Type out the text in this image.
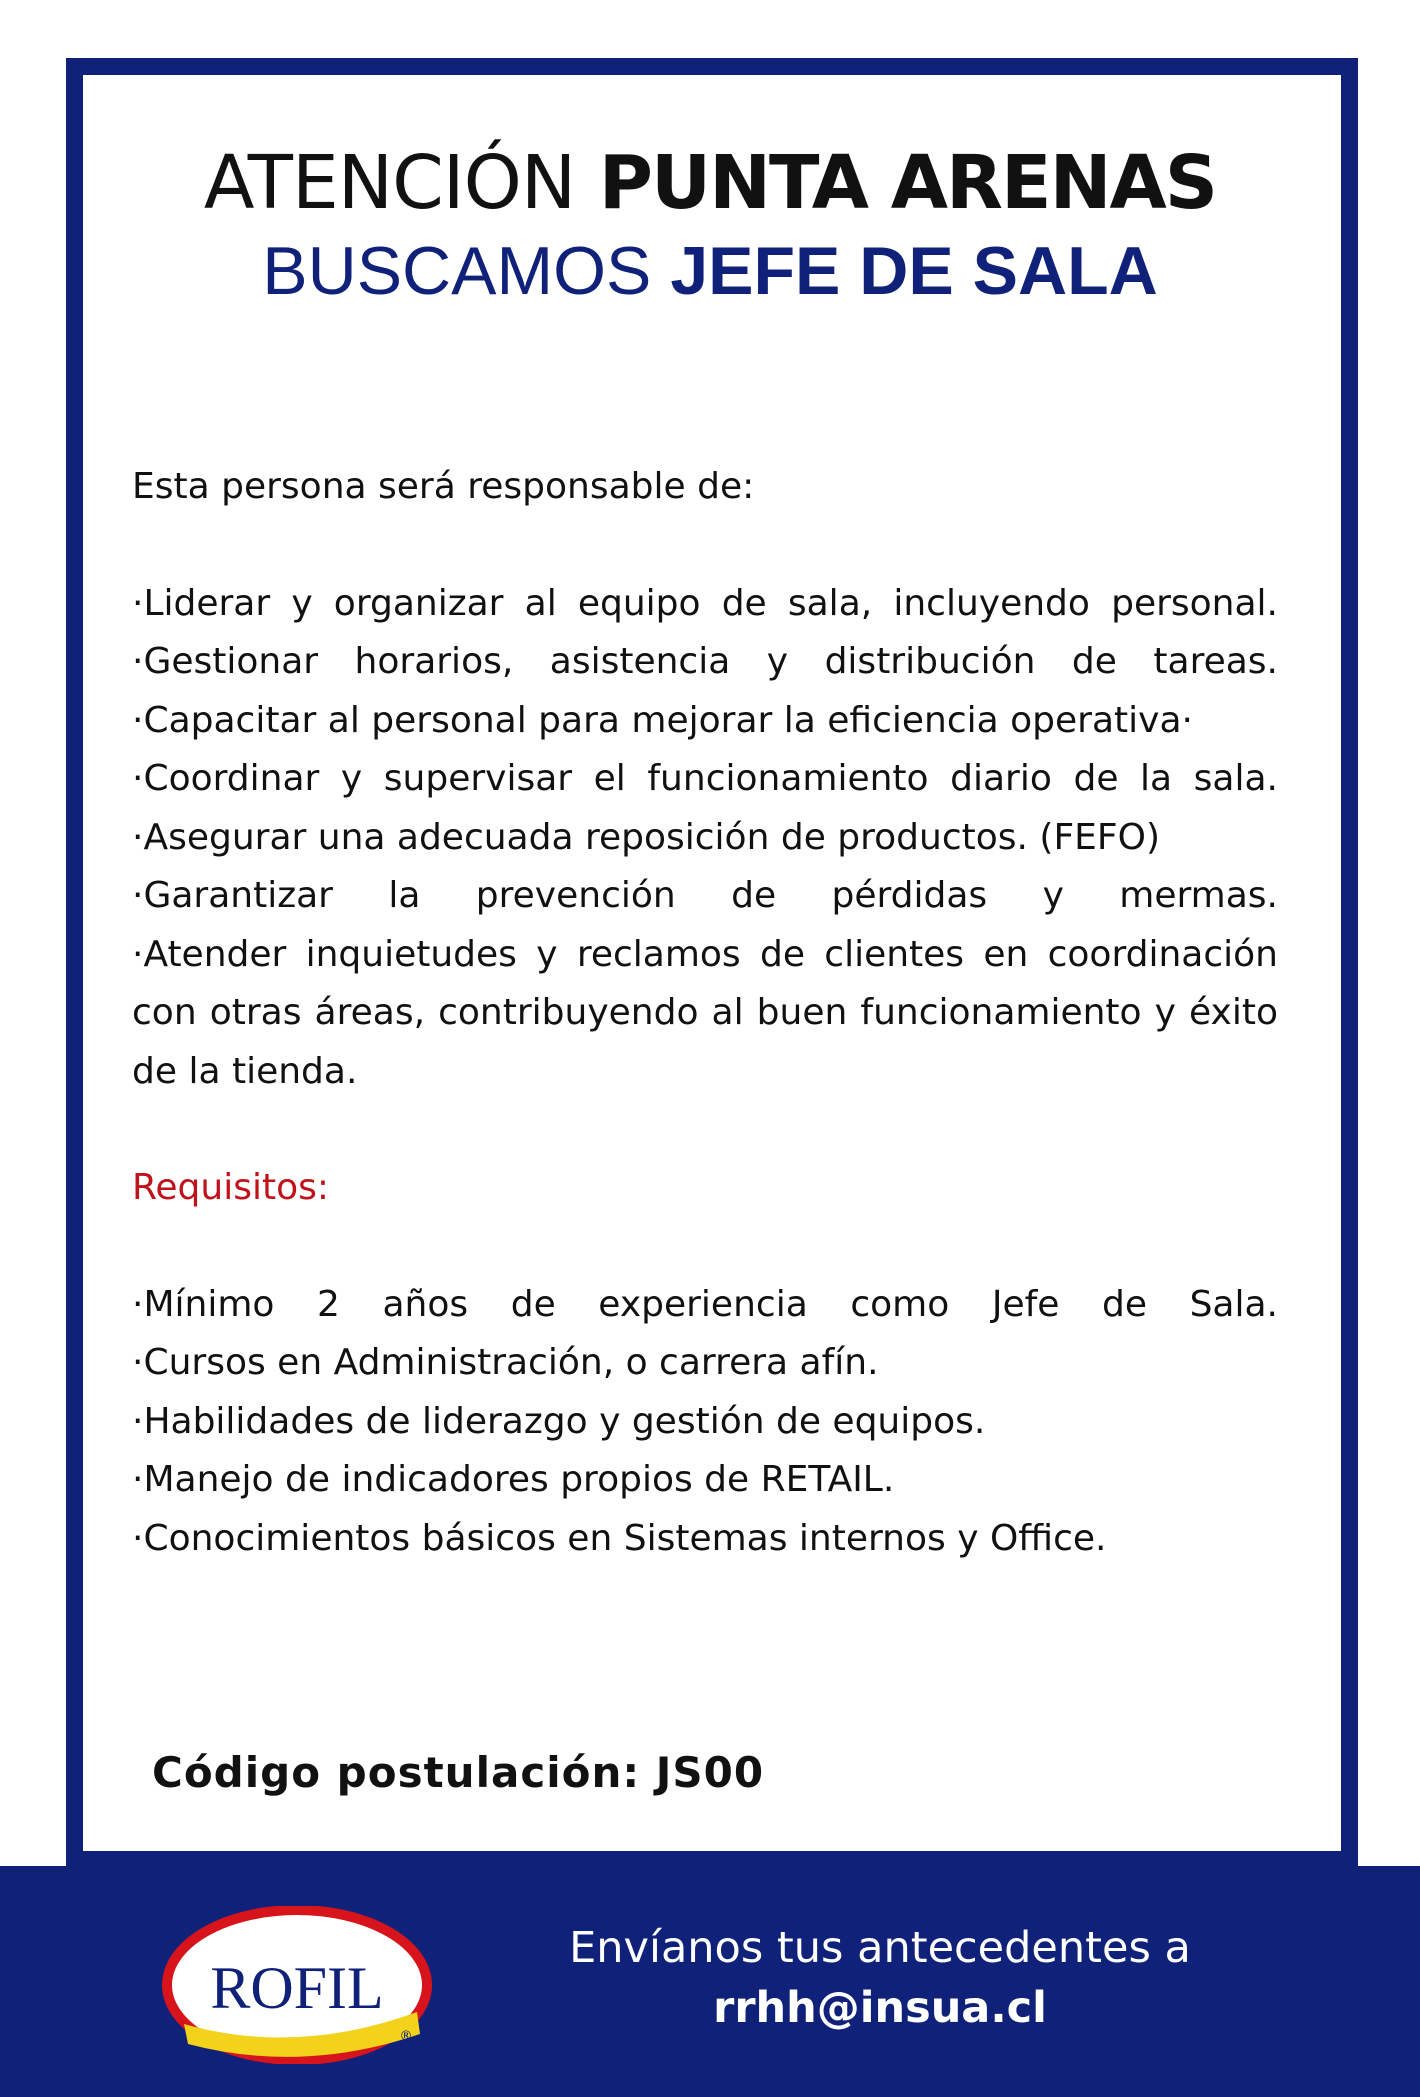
ATENCIÓN PUNTA ARENAS
BUSCAMOS JEFE DE SALA

Esta persona será responsable de:

·Liderar y organizar al equipo de sala, incluyendo personal.

·Gestionar horarios, asistencia y distribución de tareas.

·Capacitar al personal para mejorar la eficiencia operativa·

·Coordinar y supervisar el funcionamiento diario de la sala.

·Asegurar una adecuada reposición de productos. (FEFO)

·Garantizar la prevención de pérdidas y mermas.

·Atender inquietudes y reclamos de clientes en coordinación con otras áreas, contribuyendo al buen funcionamiento y éxito de la tienda.

Requisitos:

·Mínimo 2 años de experiencia como Jefe de Sala.

·Cursos en Administración, o carrera afín.

·Habilidades de liderazgo y gestión de equipos.

·Manejo de indicadores propios de RETAIL.

·Conocimientos básicos en Sistemas internos y Office.

Código postulación: JS00
ROFIL
®
Envíanos tus antecedentes a
rrhh@insua.cl
